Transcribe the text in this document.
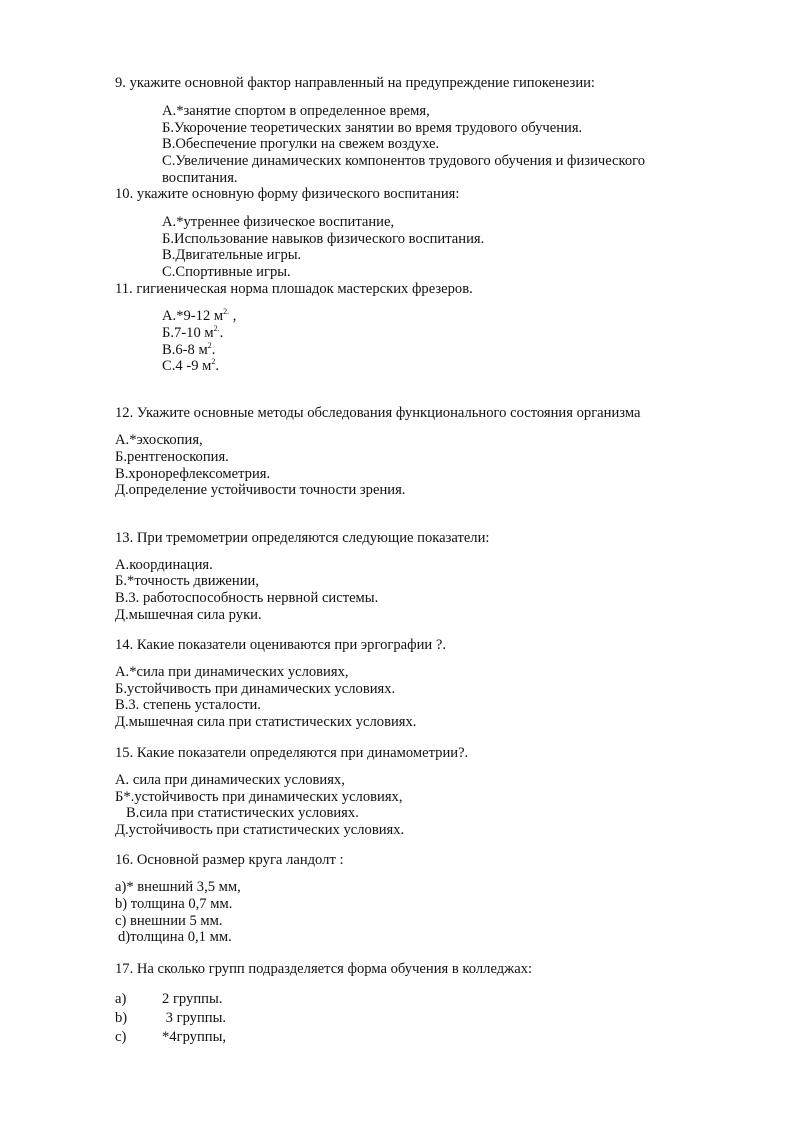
9. укажите основной фактор направленный на предупреждение гипокенезии:
А.*занятие спортом в определенное время,
Б.Укорочение теоретических занятии во время трудового обучения.
В.Обеспечение прогулки на свежем воздухе.
С.Увеличение динамических компонентов трудового обучения и физического
воспитания.
10. укажите основную форму физического воспитания:
А.*утреннее физическое воспитание,
Б.Использование навыков физического воспитания.
В.Двигательные игры.
С.Спортивные игры.
11. гигиеническая норма плошадок мастерских фрезеров.
А.*9-12 $м^{2.}$ ,
Б.7-10 $м^{2.}$.
В.6-8 $м^2$.
С.4 -9 $м^2$.
12. Укажите основные методы обследования функционального состояния организма
А.*эхоскопия,
Б.рентгеноскопия.
В.хронорефлексометрия.
Д.определение устойчивости точности зрения.
13. При тремометрии определяются следующие показатели:
А.координация.
Б.*точность движении,
В.3. работоспособность нервной системы.
Д.мышечная сила руки.
14. Какие показатели оцениваются при эргографии ?.
А.*сила при динамических условиях,
Б.устойчивость при динамических условиях.
В.3. степень усталости.
Д.мышечная сила при статистических условиях.
15. Какие показатели определяются при динамометрии?.
А. сила при динамических условиях,
Б*.устойчивость при динамических условиях,
В.сила при статистических условиях.
Д.устойчивость при статистических условиях.
16. Основной размер круга ландолт :
a)* внешний 3,5 мм,
b) толщина 0,7 мм.
c) внешнии 5 мм.
d)толщина 0,1 мм.
17. На сколько групп подразделяется форма обучения в колледжах:
a) 2 группы.
b) 3 группы.
c) *4группы,
